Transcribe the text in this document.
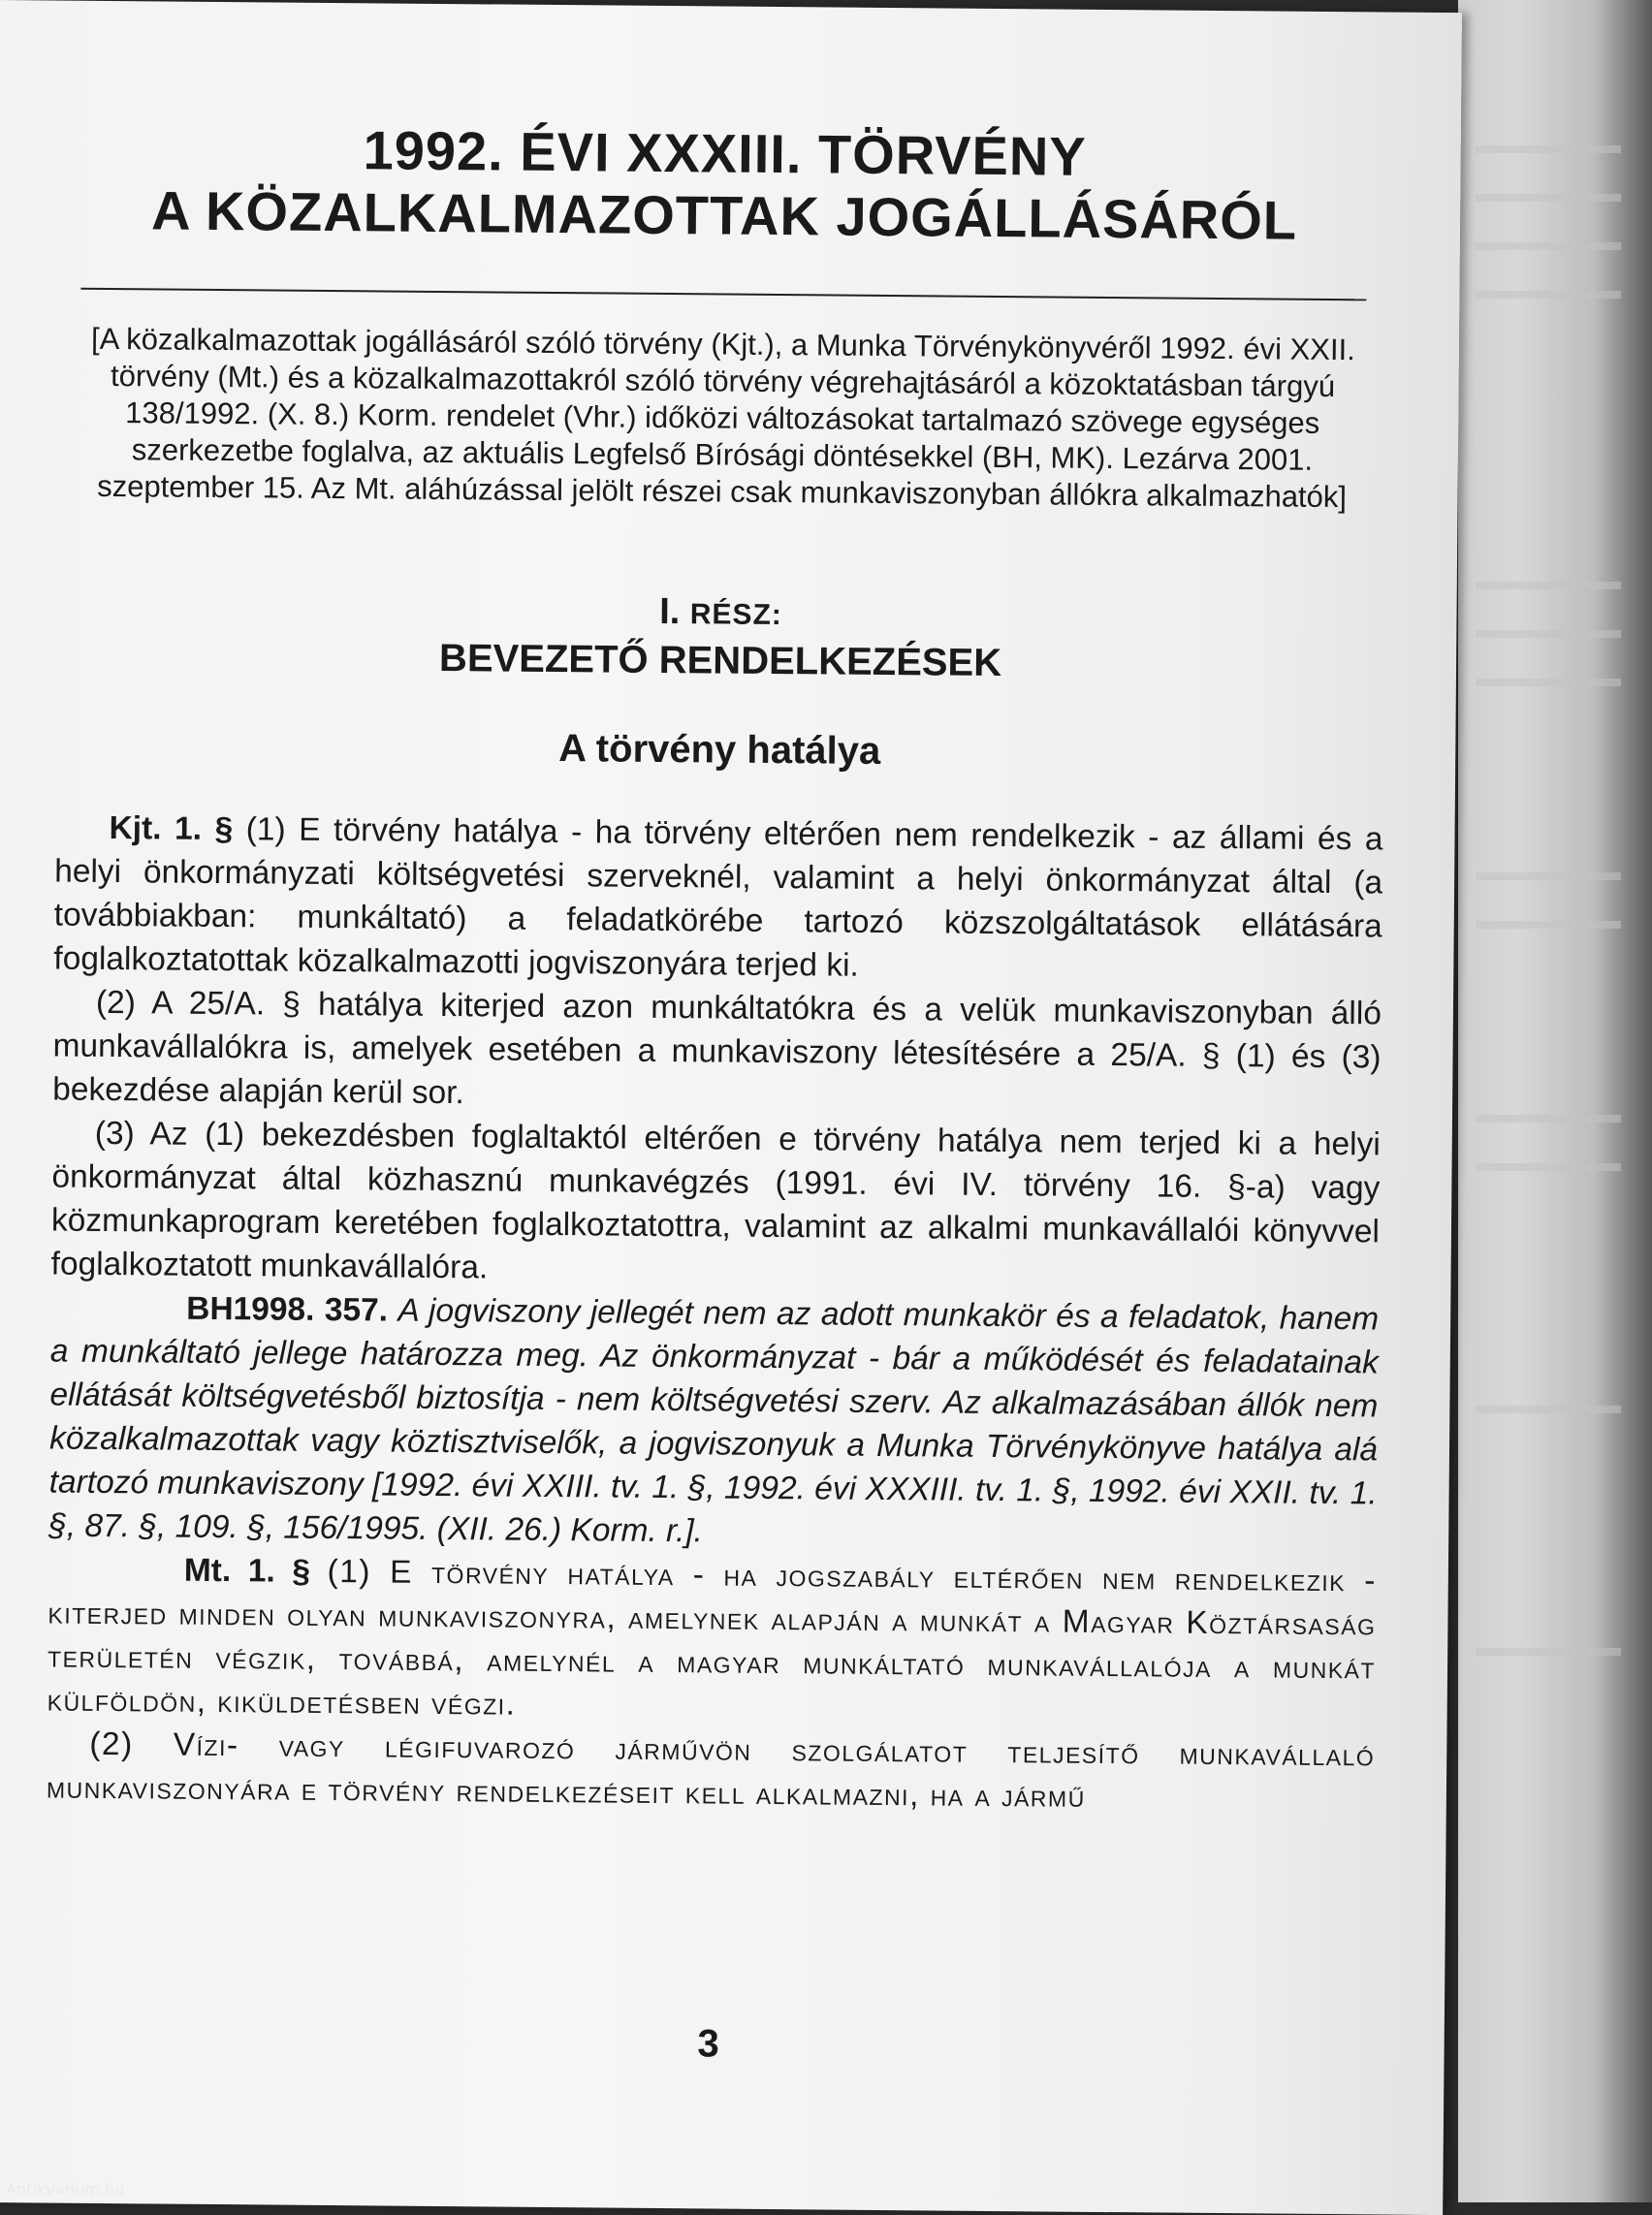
1992. ÉVI XXXIII. TÖRVÉNY
A KÖZALKALMAZOTTAK JOGÁLLÁSÁRÓL
[A közalkalmazottak jogállásáról szóló törvény (Kjt.), a Munka Törvénykönyvéről 1992. évi XXII. törvény (Mt.) és a közalkalmazottakról szóló törvény végrehajtásáról a közoktatásban tárgyú 138/1992. (X. 8.) Korm. rendelet (Vhr.) időközi változásokat tartalmazó szövege egységes szerkezetbe foglalva, az aktuális Legfelső Bírósági döntésekkel (BH, MK). Lezárva 2001. szeptember 15. Az Mt. aláhúzással jelölt részei csak munkaviszonyban állókra alkalmazhatók]
I. RÉSZ:
BEVEZETŐ RENDELKEZÉSEK
A törvény hatálya

Kjt. 1. § (1) E törvény hatálya - ha törvény eltérően nem rendelkezik - az állami és a helyi önkormányzati költségvetési szerveknél, valamint a helyi önkormányzat által (a továbbiakban: munkáltató) a feladatkörébe tartozó közszolgáltatások ellátására foglalkoztatottak közalkalmazotti jogviszonyára terjed ki.

(2) A 25/A. § hatálya kiterjed azon munkáltatókra és a velük munkaviszonyban álló munkavállalókra is, amelyek esetében a munkaviszony létesítésére a 25/A. § (1) és (3) bekezdése alapján kerül sor.

(3) Az (1) bekezdésben foglaltaktól eltérően e törvény hatálya nem terjed ki a helyi önkormányzat által közhasznú munkavégzés (1991. évi IV. törvény 16. §-a) vagy közmunkaprogram keretében foglalkoztatottra, valamint az alkalmi munkavállalói könyvvel foglalkoztatott munkavállalóra.

BH1998. 357. A jogviszony jellegét nem az adott munkakör és a feladatok, hanem a munkáltató jellege határozza meg. Az önkormányzat - bár a működését és feladatainak ellátását költségvetésből biztosítja - nem költségvetési szerv. Az alkalmazásában állók nem közalkalmazottak vagy köztisztviselők, a jogviszonyuk a Munka Törvénykönyve hatálya alá tartozó munkaviszony [1992. évi XXIII. tv. 1. §, 1992. évi XXXIII. tv. 1. §, 1992. évi XXII. tv. 1. §, 87. §, 109. §, 156/1995. (XII. 26.) Korm. r.].

Mt. 1. § (1) E törvény hatálya - ha jogszabály eltérően nem rendelkezik - kiterjed minden olyan munkaviszonyra, amelynek alapján a munkát a Magyar Köztársaság területén végzik, továbbá, amelynél a magyar munkáltató munkavállalója a munkát külföldön, kiküldetésben végzi.

(2) Vízi- vagy légifuvarozó járművön szolgálatot teljesítő munkavállaló munkaviszonyára e törvény rendelkezéseit kell alkalmazni, ha a jármű

3
Antikvarium.hu
